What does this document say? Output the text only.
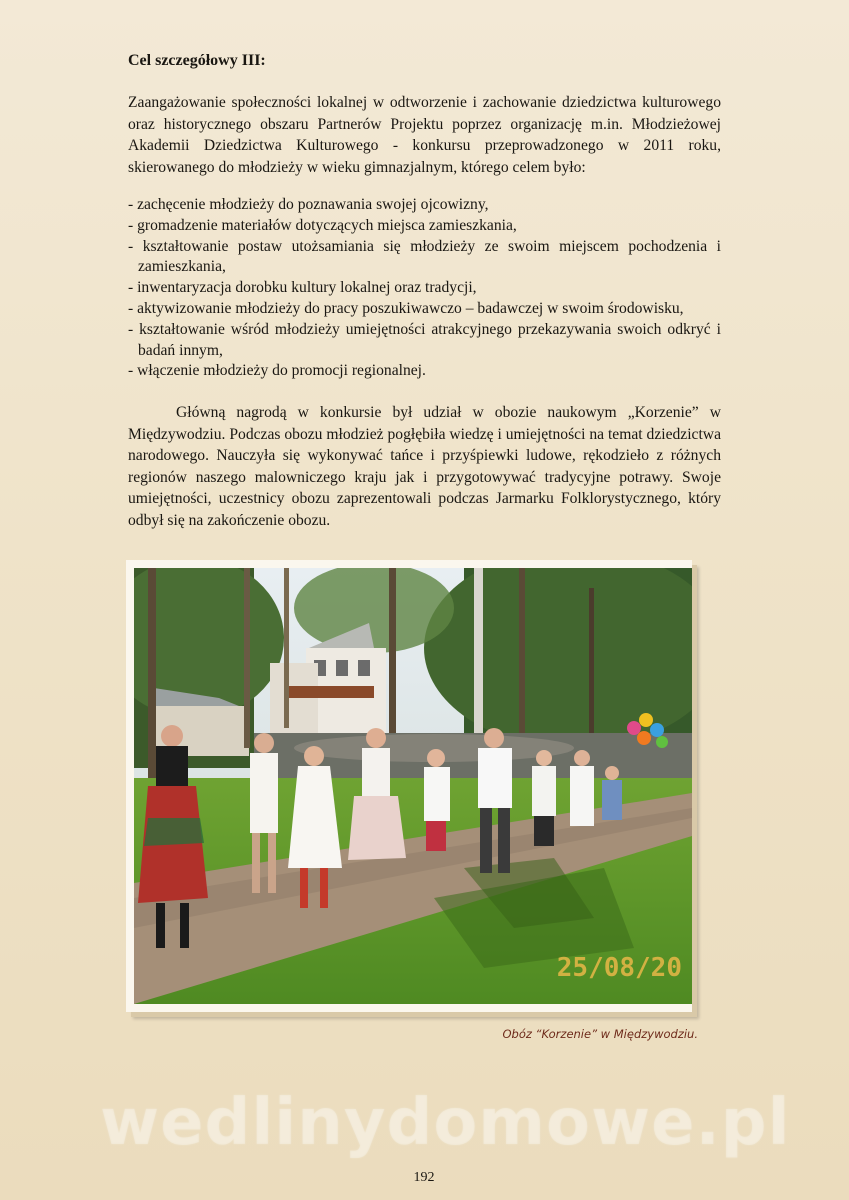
Cel szczegółowy III:

Zaangażowanie społeczności lokalnej w odtworzenie i zachowanie dziedzictwa kulturowego oraz historycznego obszaru Partnerów Projektu poprzez organizację m.in. Młodzieżowej Akademii Dziedzictwa Kulturowego - konkursu przeprowadzonego w 2011 roku, skierowanego do młodzieży w wieku gimnazjalnym, którego celem było:

- zachęcenie młodzieży do poznawania swojej ojcowizny,
- gromadzenie materiałów dotyczących miejsca zamieszkania,
- kształtowanie postaw utożsamiania się młodzieży ze swoim miejscem pochodzenia i zamieszkania,
- inwentaryzacja dorobku kultury lokalnej oraz tradycji,
- aktywizowanie młodzieży do pracy poszukiwawczo – badawczej w swoim środowisku,
- kształtowanie wśród młodzieży umiejętności atrakcyjnego przekazywania swoich odkryć i badań innym,
- włączenie młodzieży do promocji regionalnej.

Główną nagrodą w konkursie był udział w obozie naukowym „Korzenie” w Międzywodziu. Podczas obozu młodzież pogłębiła wiedzę i umiejętności na temat dziedzictwa narodowego. Nauczyła się wykonywać tańce i przyśpiewki ludowe, rękodzieło z różnych regionów naszego malowniczego kraju jak i przygotowywać tradycyjne potrawy. Swoje umiejętności, uczestnicy obozu zaprezentowali podczas Jarmarku Folklorystycznego, który odbył się na zakończenie obozu.

25/08/20
Obóz “Korzenie” w Międzywodziu.
wedlinydomowe.pl
192
